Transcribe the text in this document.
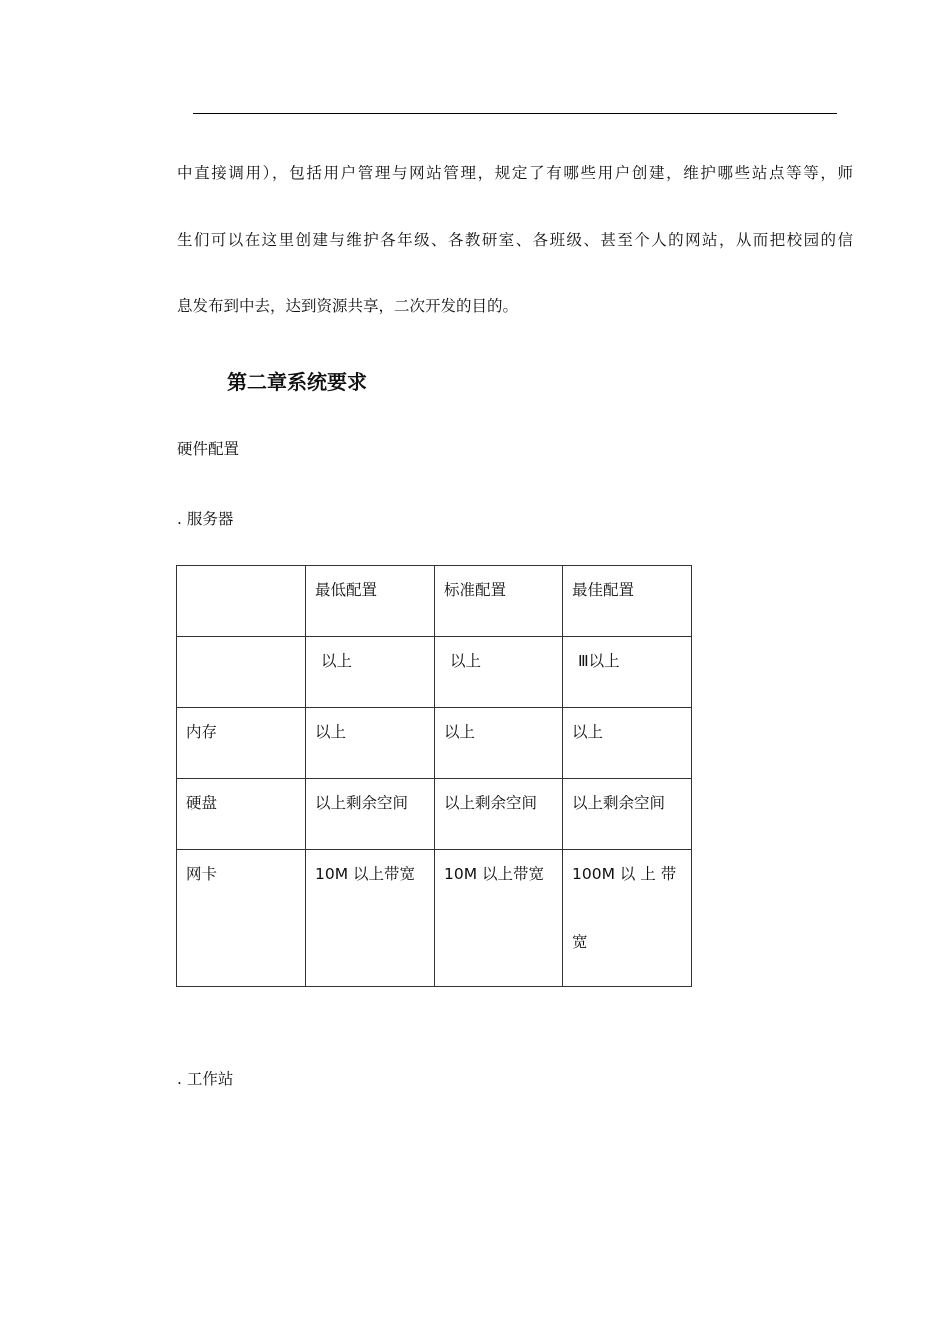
中直接调用），包括用户管理与网站管理，规定了有哪些用户创建，维护哪些站点等等，师
生们可以在这里创建与维护各年级、各教研室、各班级、甚至个人的网站，从而把校园的信
息发布到中去，达到资源共享，二次开发的目的。
第二章系统要求
硬件配置
. 服务器
	最低配置	标准配置	最佳配置
	以上	以上	Ⅲ以上
内存	以上	以上	以上
硬盘	以上剩余空间	以上剩余空间	以上剩余空间
网卡	10M 以上带宽	10M 以上带宽	100M 以 上 带
宽
. 工作站
